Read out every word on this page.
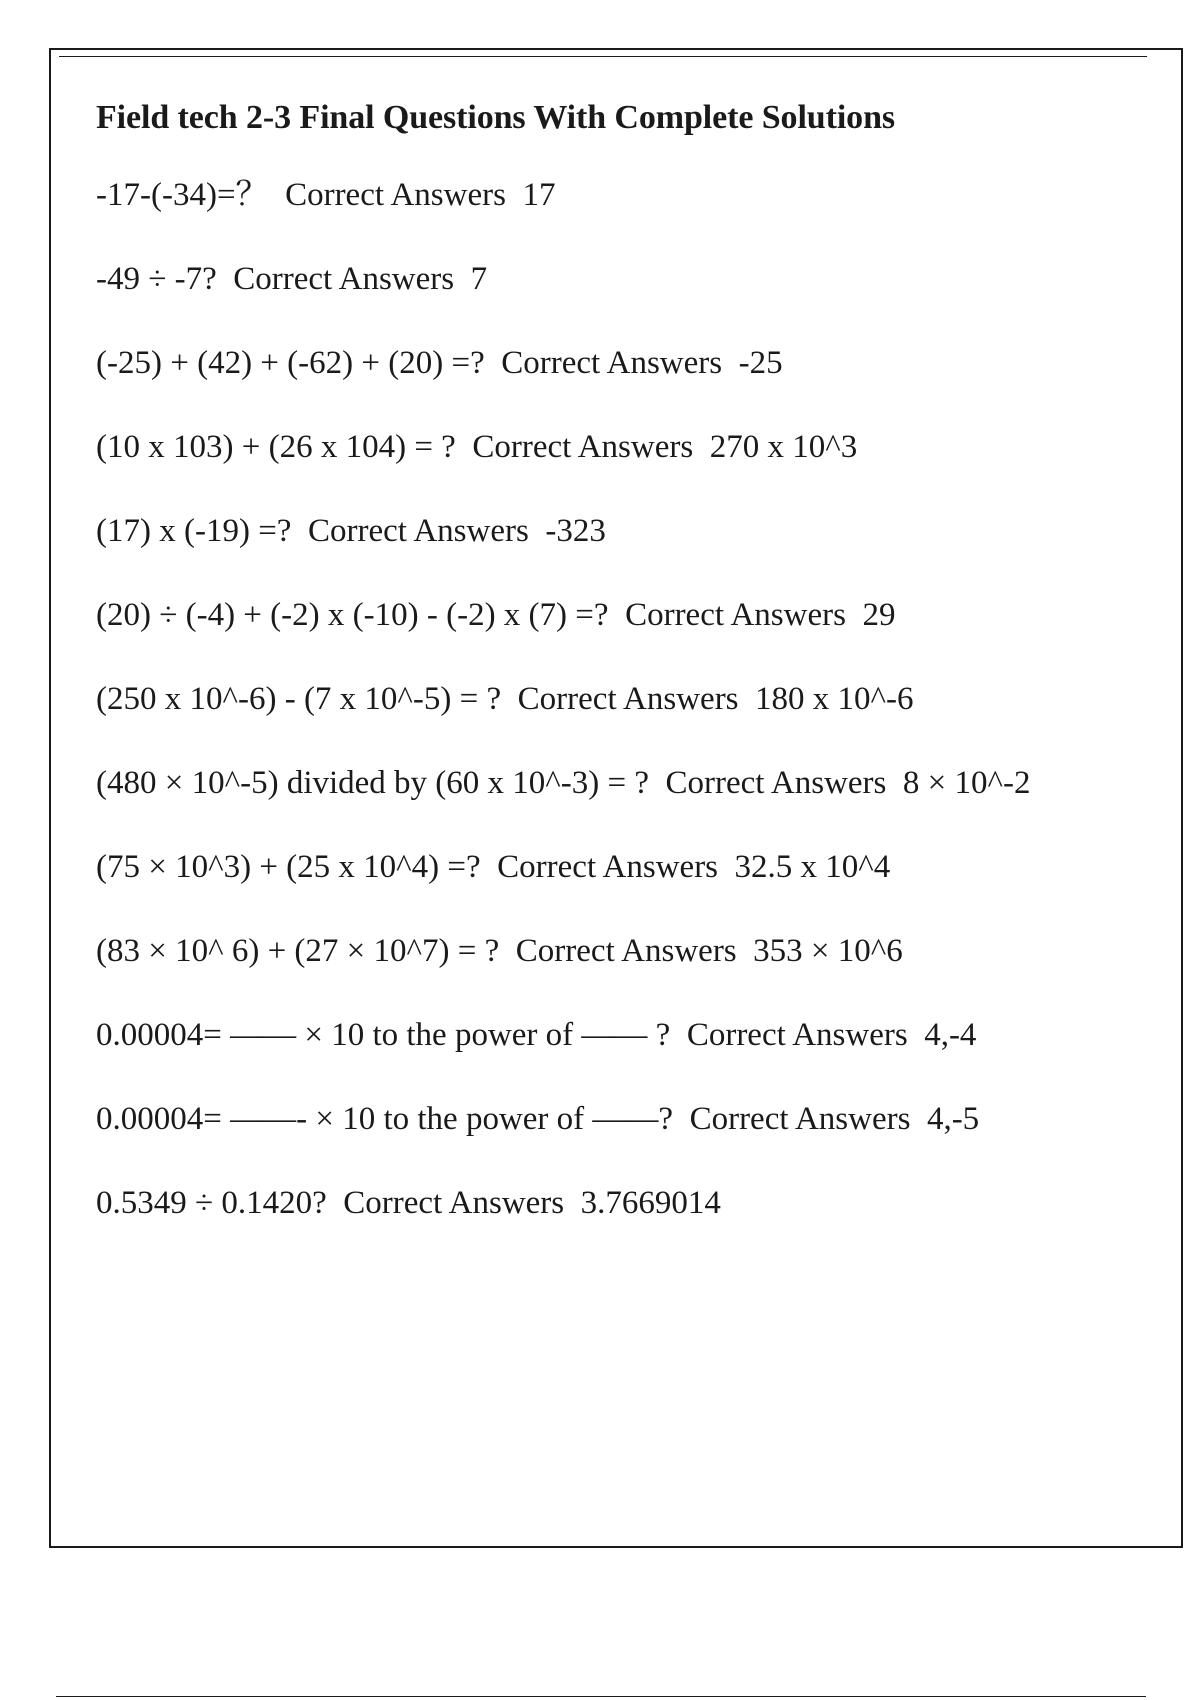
Field tech 2-3 Final Questions With Complete Solutions

-17-(-34)=？ Correct Answers 17

-49 ÷ -7? Correct Answers 7

(-25) + (42) + (-62) + (20) =? Correct Answers -25

(10 x 103) + (26 x 104) = ? Correct Answers 270 x 10^3

(17) x (-19) =? Correct Answers -323

(20) ÷ (-4) + (-2) x (-10) - (-2) x (7) =? Correct Answers 29

(250 x 10^-6) - (7 x 10^-5) = ? Correct Answers 180 x 10^-6

(480 × 10^-5) divided by (60 x 10^-3) = ? Correct Answers 8 × 10^-2

(75 × 10^3) + (25 x 10^4) =? Correct Answers 32.5 x 10^4

(83 × 10^ 6) + (27 × 10^7) = ? Correct Answers 353 × 10^6

0.00004= —— × 10 to the power of —— ? Correct Answers 4,-4

0.00004= ——- × 10 to the power of ——? Correct Answers 4,-5

0.5349 ÷ 0.1420? Correct Answers 3.7669014
